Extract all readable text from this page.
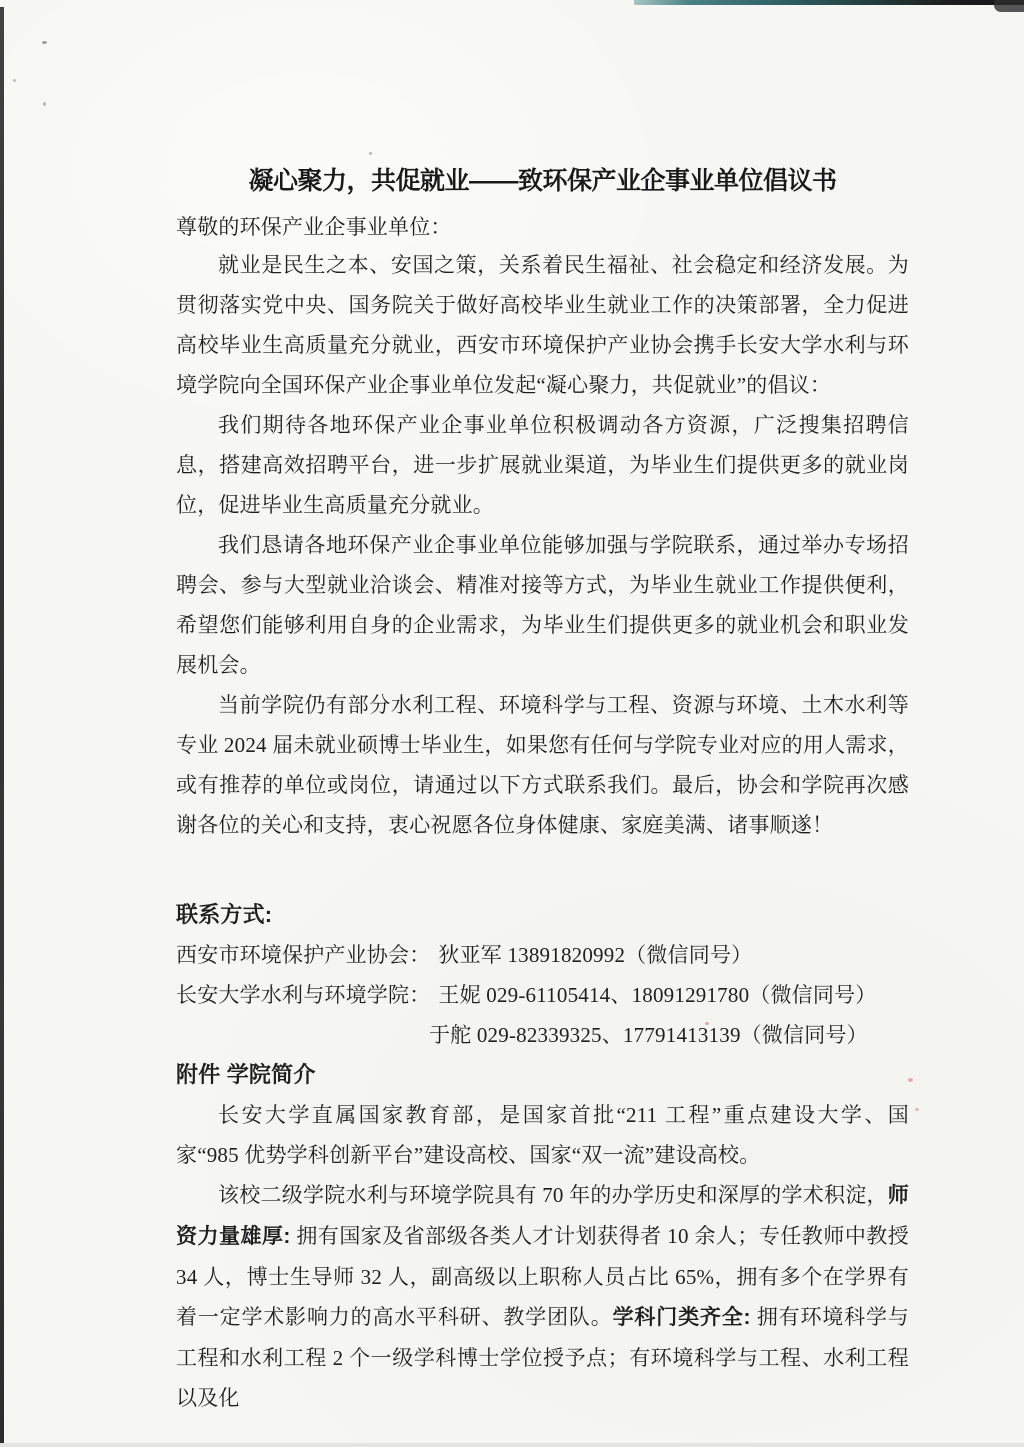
凝心聚力，共促就业——致环保产业企事业单位倡议书
尊敬的环保产业企事业单位：

就业是民生之本、安国之策，关系着民生福祉、社会稳定和经济发展。为贯彻落实党中央、国务院关于做好高校毕业生就业工作的决策部署，全力促进高校毕业生高质量充分就业，西安市环境保护产业协会携手长安大学水利与环境学院向全国环保产业企事业单位发起“凝心聚力，共促就业”的倡议：

我们期待各地环保产业企事业单位积极调动各方资源，广泛搜集招聘信息，搭建高效招聘平台，进一步扩展就业渠道，为毕业生们提供更多的就业岗位，促进毕业生高质量充分就业。

我们恳请各地环保产业企事业单位能够加强与学院联系，通过举办专场招聘会、参与大型就业洽谈会、精准对接等方式，为毕业生就业工作提供便利，希望您们能够利用自身的企业需求，为毕业生们提供更多的就业机会和职业发展机会。

当前学院仍有部分水利工程、环境科学与工程、资源与环境、土木水利等专业 2024 届未就业硕博士毕业生，如果您有任何与学院专业对应的用人需求，或有推荐的单位或岗位，请通过以下方式联系我们。最后，协会和学院再次感谢各位的关心和支持，衷心祝愿各位身体健康、家庭美满、诸事顺遂！

联系方式:
西安市环境保护产业协会： 狄亚军 13891820992（微信同号）
长安大学水利与环境学院： 王妮 029-61105414、18091291780（微信同号）
于舵 029-82339325、17791413139（微信同号）
附件 学院简介

长安大学直属国家教育部，是国家首批“211 工程”重点建设大学、国家“985 优势学科创新平台”建设高校、国家“双一流”建设高校。

该校二级学院水利与环境学院具有 70 年的办学历史和深厚的学术积淀，师资力量雄厚: 拥有国家及省部级各类人才计划获得者 10 余人；专任教师中教授 34 人，博士生导师 32 人，副高级以上职称人员占比 65%，拥有多个在学界有着一定学术影响力的高水平科研、教学团队。学科门类齐全: 拥有环境科学与工程和水利工程 2 个一级学科博士学位授予点；有环境科学与工程、水利工程以及化
